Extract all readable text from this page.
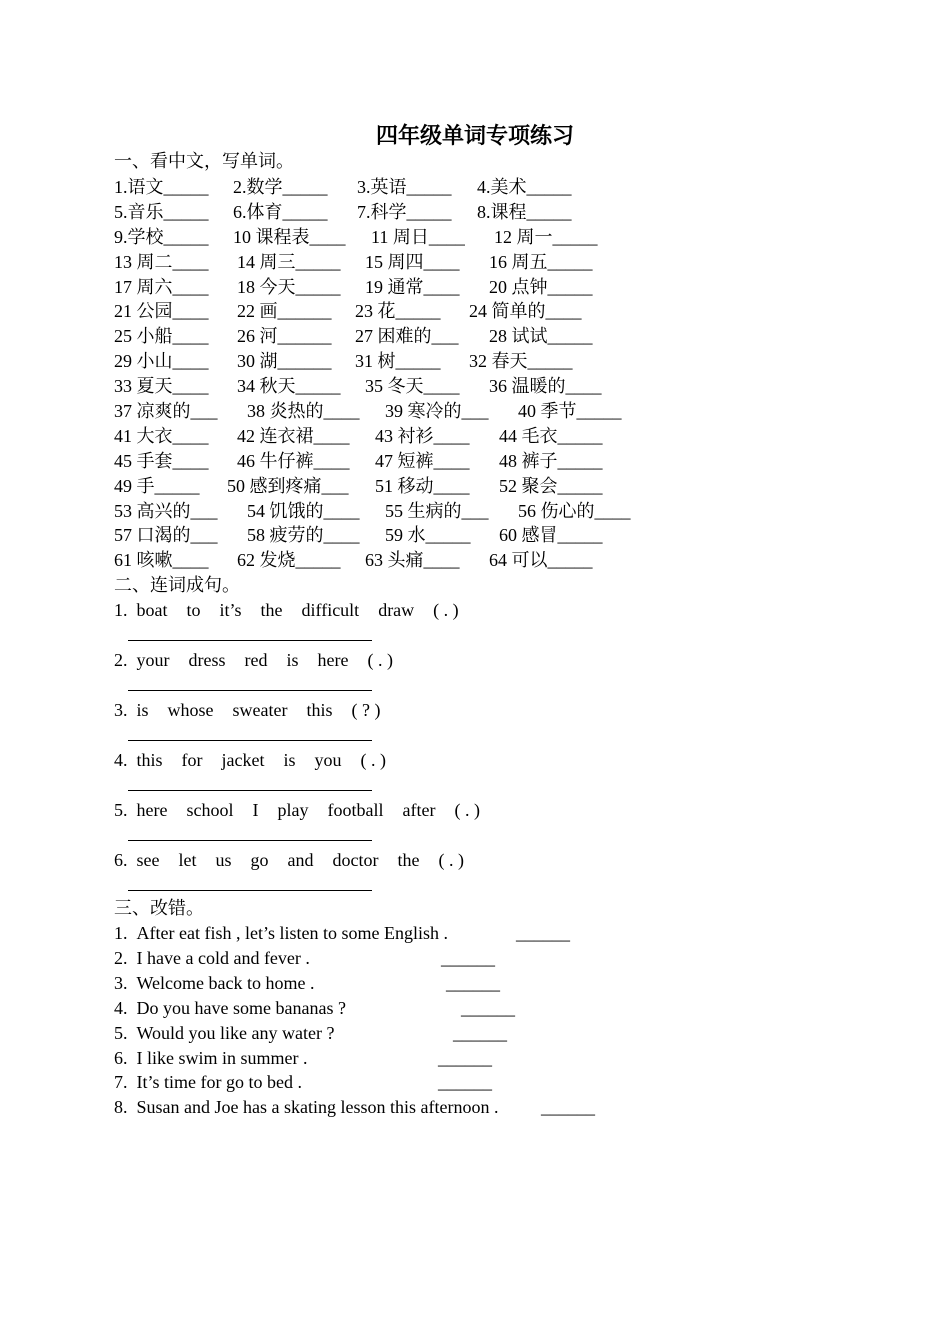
四年级单词专项练习
一、看中文，写单词。
1.语文_____ 2.数学_____ 3.英语_____ 4.美术_____
5.音乐_____ 6.体育_____ 7.科学_____ 8.课程_____
9.学校_____ 10 课程表____ 11 周日____ 12 周一_____
13 周二____ 14 周三_____ 15 周四____ 16 周五_____
17 周六____ 18 今天_____ 19 通常____ 20 点钟_____
21 公园____ 22 画______ 23 花_____ 24 简单的____
25 小船____ 26 河______ 27 困难的___ 28 试试_____
29 小山____ 30 湖______ 31 树_____ 32 春天_____
33 夏天____ 34 秋天_____ 35 冬天____ 36 温暖的____
37 凉爽的___ 38 炎热的____ 39 寒冷的___ 40 季节_____
41 大衣____ 42 连衣裙____ 43 衬衫____ 44 毛衣_____
45 手套____ 46 牛仔裤____ 47 短裤____ 48 裤子_____
49 手_____ 50 感到疼痛___ 51 移动____ 52 聚会_____
53 高兴的___ 54 饥饿的____ 55 生病的___ 56 伤心的____
57 口渴的___ 58 疲劳的____ 59 水_____ 60 感冒_____
61 咳嗽____ 62 发烧_____ 63 头痛____ 64 可以_____
二、连词成句。
1. boat to it’s the difficult draw ( . )
2. your dress red is here ( . )
3. is whose sweater this ( ? )
4. this for jacket is you ( . )
5. here school I play football after ( . )
6. see let us go and doctor the ( . )
三、改错。
1. After eat fish , let’s listen to some English .	______
2. I have a cold and fever .	______
3. Welcome back to home .	______
4. Do you have some bananas ?	______
5. Would you like any water ?	______
6. I like swim in summer .	______
7. It’s time for go to bed .	______
8. Susan and Joe has a skating lesson this afternoon . ______
